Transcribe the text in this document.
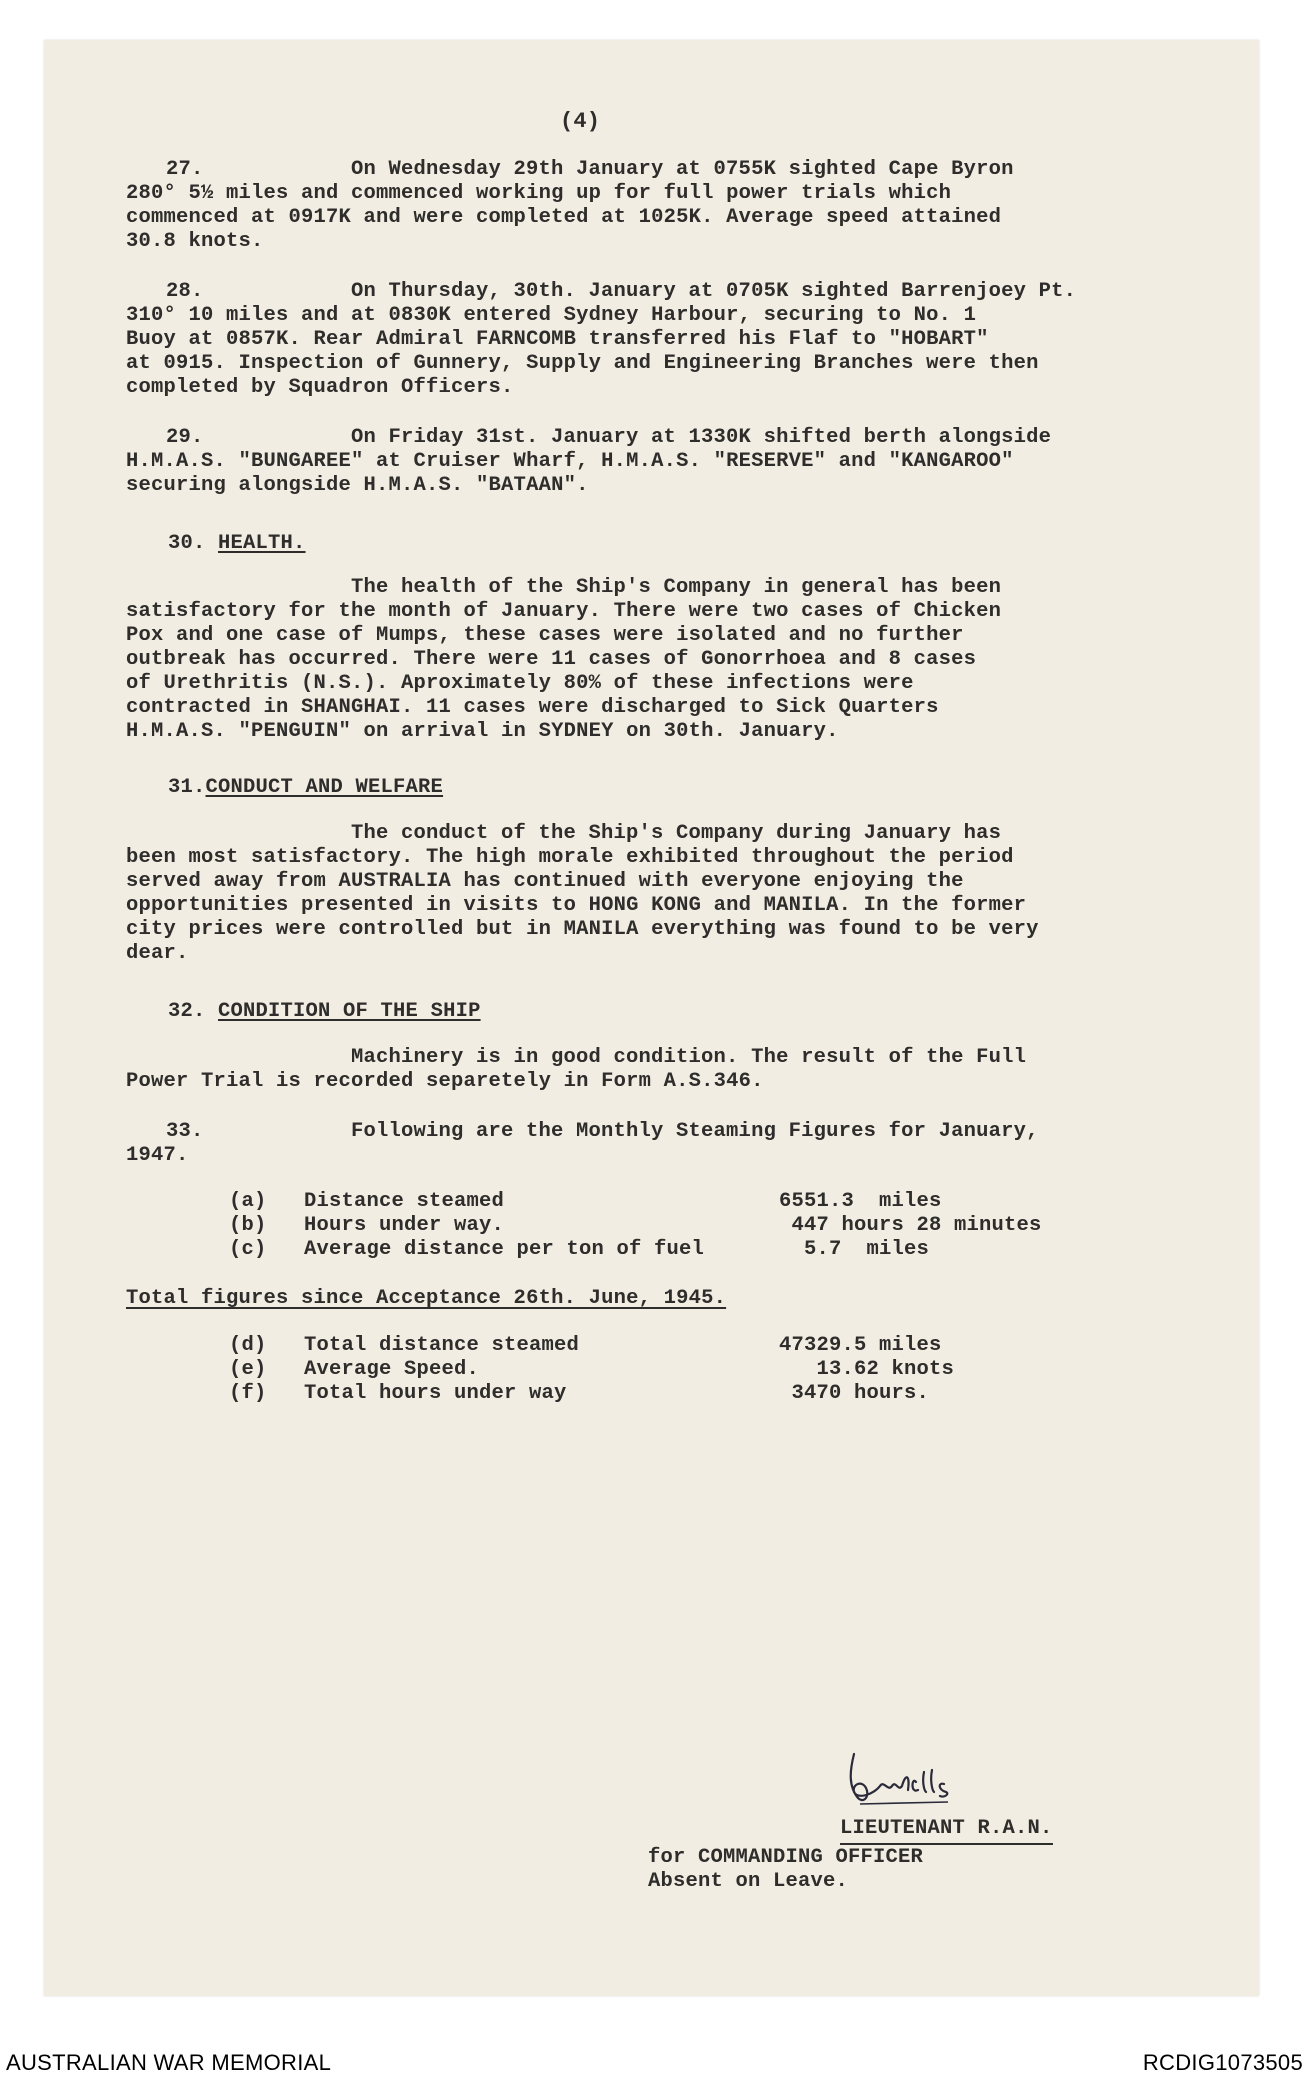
(4)
27.	On Wednesday 29th January at 0755K sighted Cape Byron
280° 5½ miles and commenced working up for full power trials which
commenced at 0917K and were completed at 1025K. Average speed attained
30.8 knots.
28.	On Thursday, 30th. January at 0705K sighted Barrenjoey Pt.
310° 10 miles and at 0830K entered Sydney Harbour, securing to No. 1
Buoy at 0857K. Rear Admiral FARNCOMB transferred his Flaf to "HOBART"
at 0915. Inspection of Gunnery, Supply and Engineering Branches were then
completed by Squadron Officers.
29.	On Friday 31st. January at 1330K shifted berth alongside
H.M.A.S. "BUNGAREE" at Cruiser Wharf, H.M.A.S. "RESERVE" and "KANGAROO"
securing alongside H.M.A.S. "BATAAN".
30. HEALTH.
The health of the Ship's Company in general has been
satisfactory for the month of January. There were two cases of Chicken
Pox and one case of Mumps, these cases were isolated and no further
outbreak has occurred. There were 11 cases of Gonorrhoea and 8 cases
of Urethritis (N.S.). Aproximately 80% of these infections were
contracted in SHANGHAI. 11 cases were discharged to Sick Quarters
H.M.A.S. "PENGUIN" on arrival in SYDNEY on 30th. January.
31.CONDUCT AND WELFARE
The conduct of the Ship's Company during January has
been most satisfactory. The high morale exhibited throughout the period
served away from AUSTRALIA has continued with everyone enjoying the
opportunities presented in visits to HONG KONG and MANILA. In the former
city prices were controlled but in MANILA everything was found to be very
dear.
32. CONDITION OF THE SHIP
Machinery is in good condition. The result of the Full
Power Trial is recorded separetely in Form A.S.346.
33.	Following are the Monthly Steaming Figures for January,
1947.
(a)	Distance steamed	6551.3  miles
(b)	Hours under way.	447 hours 28 minutes
(c)	Average distance per ton of fuel	5.7  miles
Total figures since Acceptance 26th. June, 1945.
(d)	Total distance steamed	47329.5 miles
(e)	Average Speed.	13.62 knots
(f)	Total hours under way	3470 hours.
LIEUTENANT R.A.N.
for COMMANDING OFFICER
Absent on Leave.
AUSTRALIAN WAR MEMORIAL	RCDIG1073505
